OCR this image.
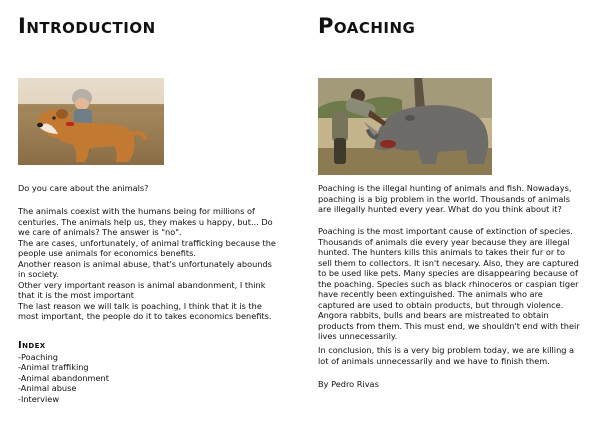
Introduction

Do you care about the animals?

The animals coexist with the humans being for millions of centuries. The animals help us, they makes u happy, but... Do we care of animals? The answer is "no".
The are cases, unfortunately, of animal trafficking because the people use animals for economics benefits.
Another reason is animal abuse, that's unfortunately abounds in society.
Other very important reason is animal abandonment, I think that it is the most important
The last reason we will talk is poaching, I think that it is the most important, the people do it to takes economics benefits.

Index
-Poaching
-Animal traffiking
-Animal abandonment
-Animal abuse
-Interview
Poaching

Poaching is the illegal hunting of animals and fish. Nowadays, poaching is a big problem in the world. Thousands of animals are illegally hunted every year. What do you think about it?

Poaching is the most important cause of extinction of species. Thousands of animals die every year because they are illegal hunted. The hunters kills this animals to takes their fur or to sell them to collectors. It isn't necesary. Also, they are captured to be used like pets. Many species are disappearing because of the poaching. Species such as black rhinoceros or caspian tiger have recently been extinguished. The animals who are captured are used to obtain products, but through violence. Angora rabbits, bulls and bears are mistreated to obtain products from them. This must end, we shouldn't end with their lives unnecessarily.

In conclusion, this is a very big problem today, we are killing a lot of animals unnecessarily and we have to finish them.

By Pedro Rivas
